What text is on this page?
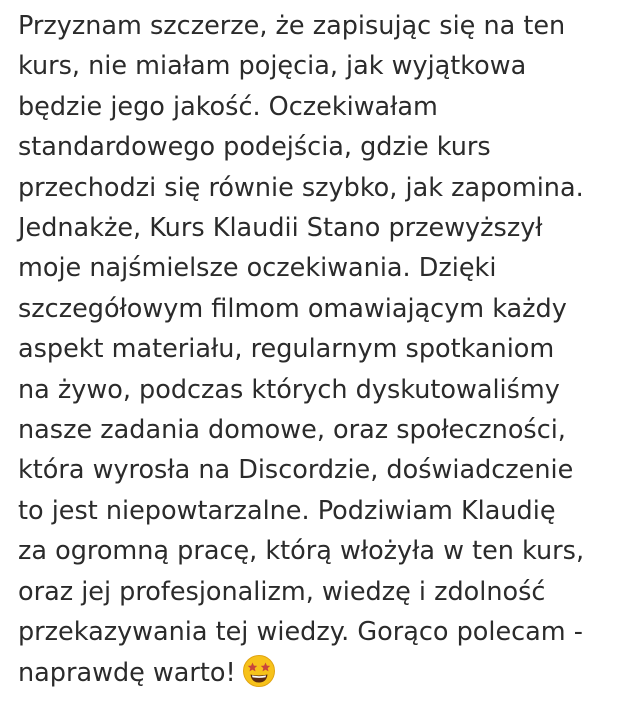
Przyznam szczerze, że zapisując się na ten
kurs, nie miałam pojęcia, jak wyjątkowa
będzie jego jakość. Oczekiwałam
standardowego podejścia, gdzie kurs
przechodzi się równie szybko, jak zapomina.
Jednakże, Kurs Klaudii Stano przewyższył
moje najśmielsze oczekiwania. Dzięki
szczegółowym filmom omawiającym każdy
aspekt materiału, regularnym spotkaniom
na żywo, podczas których dyskutowaliśmy
nasze zadania domowe, oraz społeczności,
która wyrosła na Discordzie, doświadczenie
to jest niepowtarzalne. Podziwiam Klaudię
za ogromną pracę, którą włożyła w ten kurs,
oraz jej profesjonalizm, wiedzę i zdolność
przekazywania tej wiedzy. Gorąco polecam -
naprawdę warto!
